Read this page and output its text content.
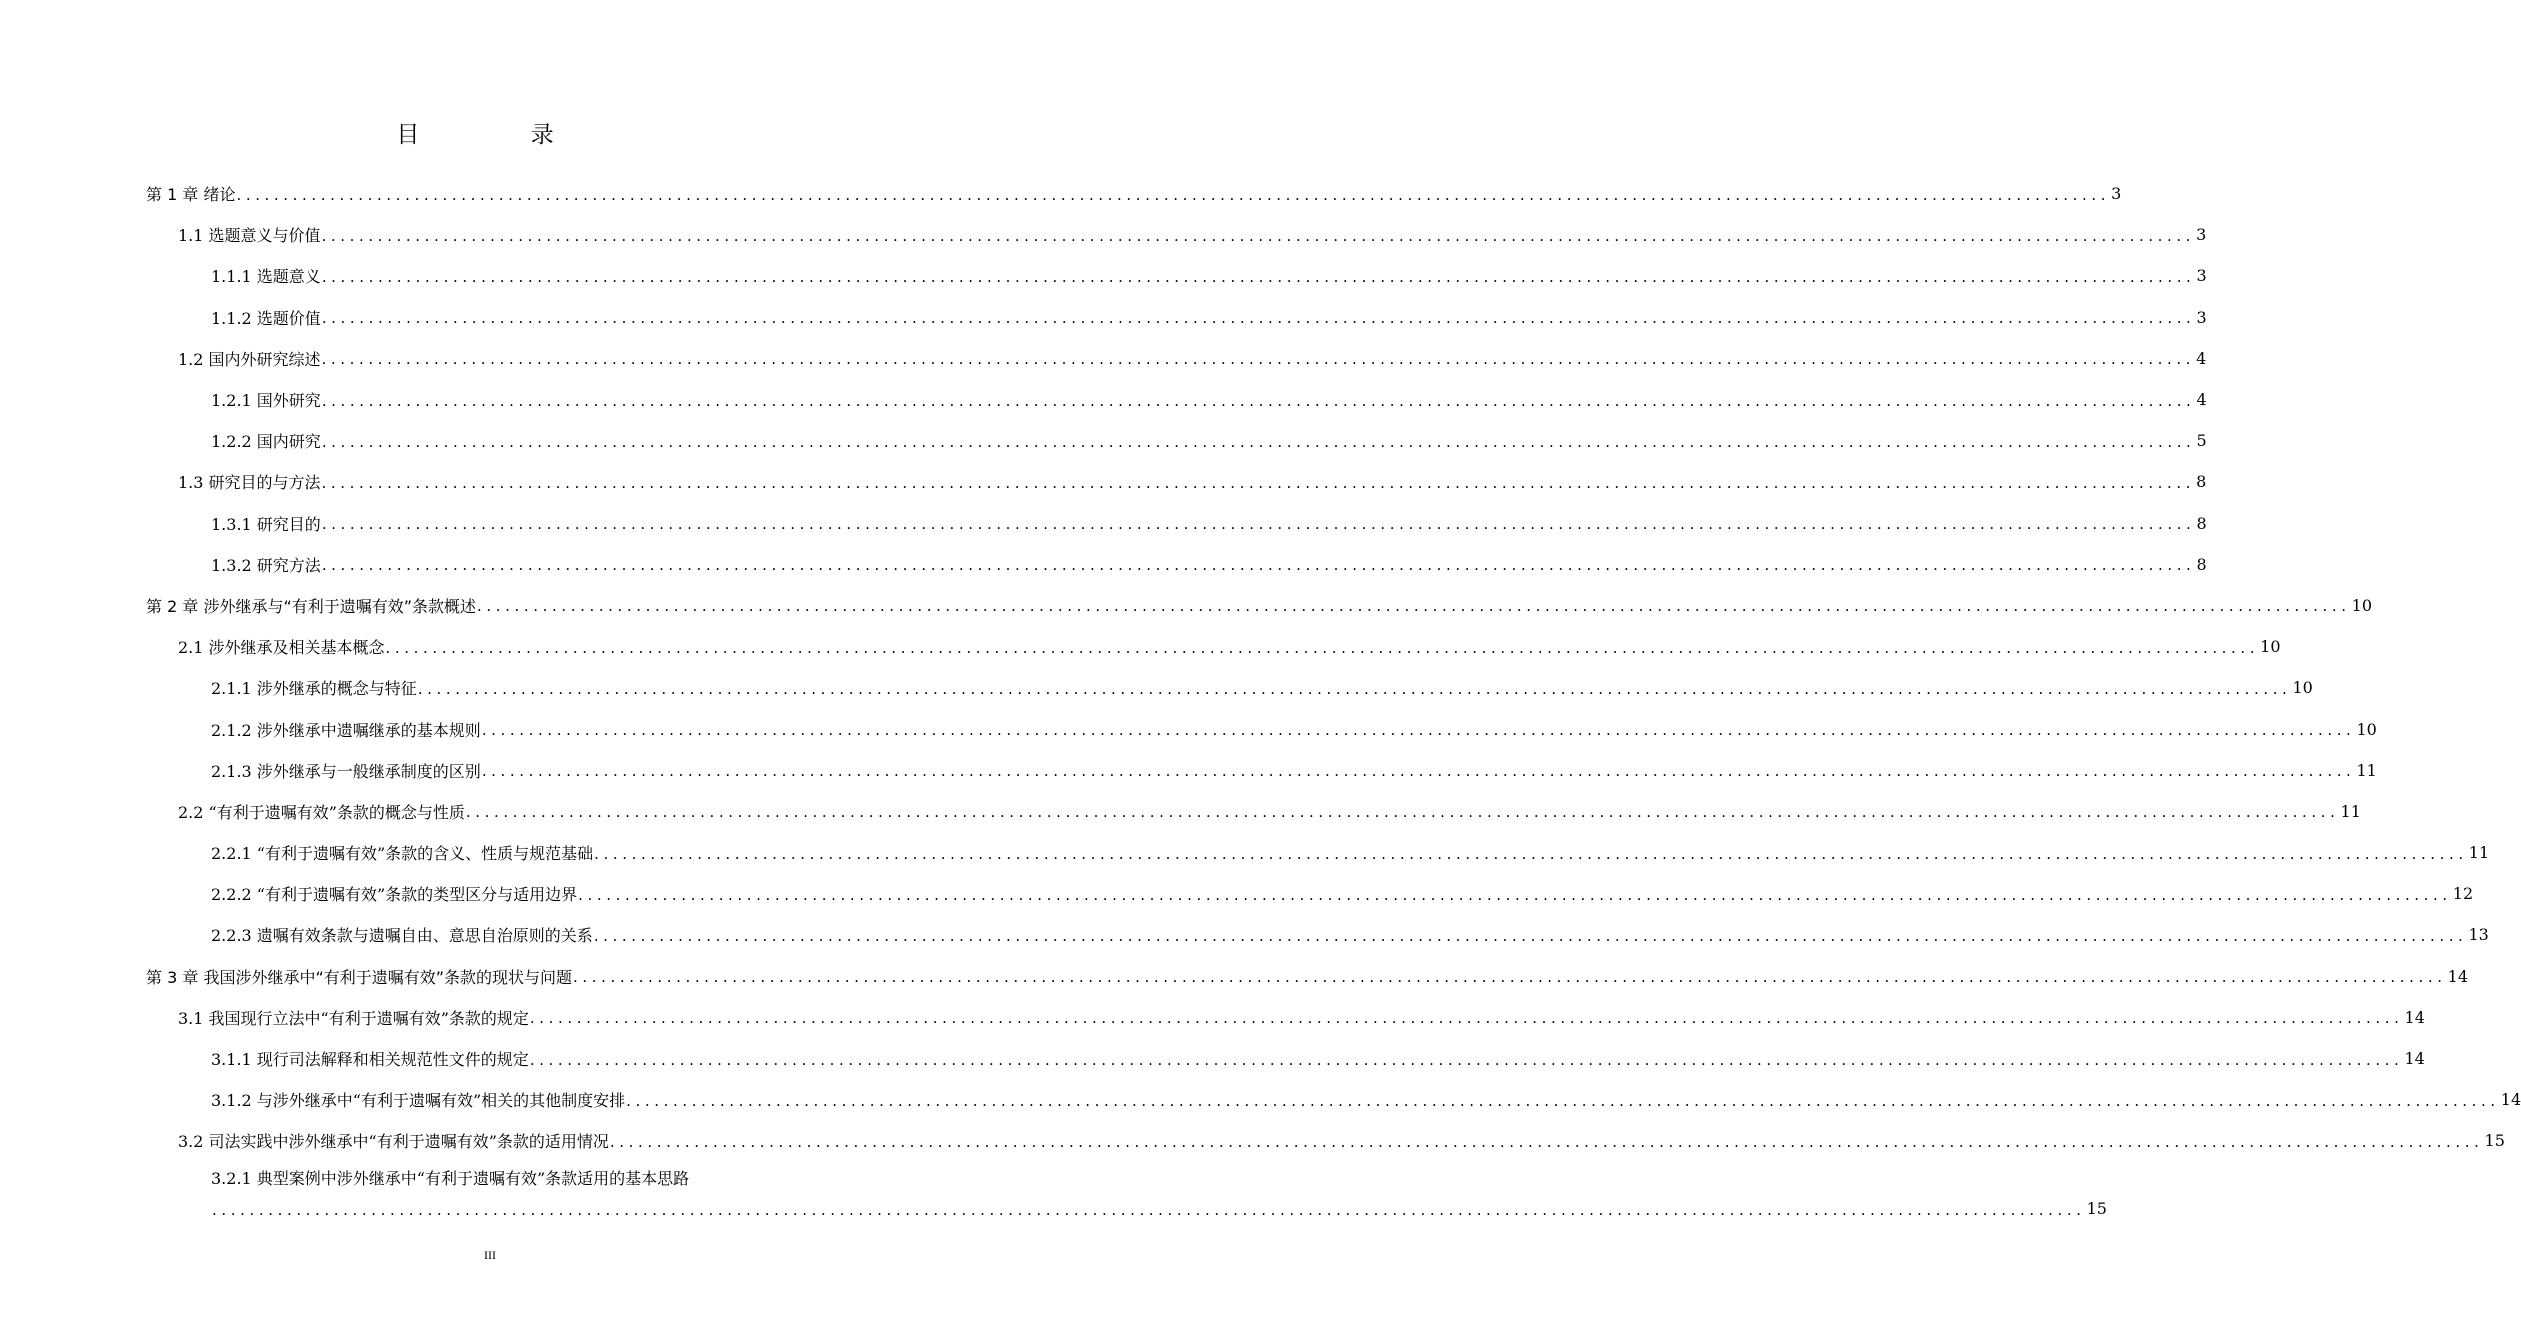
目 录
第 1 章 绪论 ........................................................................................................................................................................................................ 3
1.1 选题意义与价值 ........................................................................................................................................................................................................ 3
1.1.1 选题意义 ........................................................................................................................................................................................................ 3
1.1.2 选题价值 ........................................................................................................................................................................................................ 3
1.2 国内外研究综述 ........................................................................................................................................................................................................ 4
1.2.1 国外研究 ........................................................................................................................................................................................................ 4
1.2.2 国内研究 ........................................................................................................................................................................................................ 5
1.3 研究目的与方法 ........................................................................................................................................................................................................ 8
1.3.1 研究目的 ........................................................................................................................................................................................................ 8
1.3.2 研究方法 ........................................................................................................................................................................................................ 8
第 2 章 涉外继承与“有利于遗嘱有效”条款概述 ........................................................................................................................................................................................................ 10
2.1 涉外继承及相关基本概念 ........................................................................................................................................................................................................ 10
2.1.1 涉外继承的概念与特征 ........................................................................................................................................................................................................ 10
2.1.2 涉外继承中遗嘱继承的基本规则 ........................................................................................................................................................................................................ 10
2.1.3 涉外继承与一般继承制度的区别 ........................................................................................................................................................................................................ 11
2.2 “有利于遗嘱有效”条款的概念与性质 ........................................................................................................................................................................................................ 11
2.2.1 “有利于遗嘱有效”条款的含义、性质与规范基础 ........................................................................................................................................................................................................ 11
2.2.2 “有利于遗嘱有效”条款的类型区分与适用边界 ........................................................................................................................................................................................................ 12
2.2.3 遗嘱有效条款与遗嘱自由、意思自治原则的关系 ........................................................................................................................................................................................................ 13
第 3 章 我国涉外继承中“有利于遗嘱有效”条款的现状与问题 ........................................................................................................................................................................................................ 14
3.1 我国现行立法中“有利于遗嘱有效”条款的规定 ........................................................................................................................................................................................................ 14
3.1.1 现行司法解释和相关规范性文件的规定 ........................................................................................................................................................................................................ 14
3.1.2 与涉外继承中“有利于遗嘱有效”相关的其他制度安排 ........................................................................................................................................................................................................ 14
3.2 司法实践中涉外继承中“有利于遗嘱有效”条款的适用情况 ........................................................................................................................................................................................................ 15
3.2.1 典型案例中涉外继承中“有利于遗嘱有效”条款适用的基本思路
........................................................................................................................................................................................................ 15
III
